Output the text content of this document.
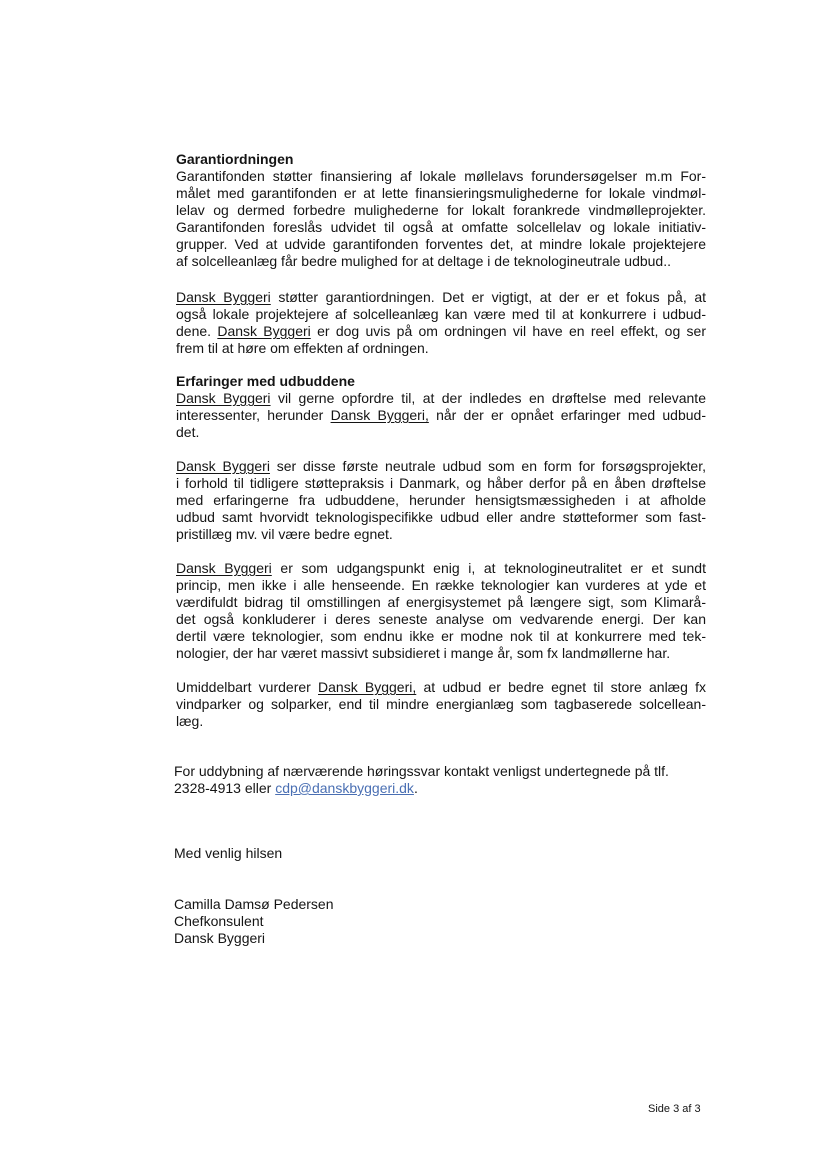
Garantiordningen

Garantifonden støtter finansiering af lokale møllelavs forundersøgelser m.m For-
målet med garantifonden er at lette finansieringsmulighederne for lokale vindmøl-
lelav og dermed forbedre mulighederne for lokalt forankrede vindmølleprojekter.
Garantifonden foreslås udvidet til også at omfatte solcellelav og lokale initiativ-
grupper. Ved at udvide garantifonden forventes det, at mindre lokale projektejere
af solcelleanlæg får bedre mulighed for at deltage i de teknologineutrale udbud..

Dansk Byggeri støtter garantiordningen. Det er vigtigt, at der er et fokus på, at
også lokale projektejere af solcelleanlæg kan være med til at konkurrere i udbud-
dene. Dansk Byggeri er dog uvis på om ordningen vil have en reel effekt, og ser
frem til at høre om effekten af ordningen.

Erfaringer med udbuddene

Dansk Byggeri vil gerne opfordre til, at der indledes en drøftelse med relevante
interessenter, herunder Dansk Byggeri, når der er opnået erfaringer med udbud-
det.

Dansk Byggeri ser disse første neutrale udbud som en form for forsøgsprojekter,
i forhold til tidligere støttepraksis i Danmark, og håber derfor på en åben drøftelse
med erfaringerne fra udbuddene, herunder hensigtsmæssigheden i at afholde
udbud samt hvorvidt teknologispecifikke udbud eller andre støtteformer som fast-
pristillæg mv. vil være bedre egnet.

Dansk Byggeri er som udgangspunkt enig i, at teknologineutralitet er et sundt
princip, men ikke i alle henseende. En række teknologier kan vurderes at yde et
værdifuldt bidrag til omstillingen af energisystemet på længere sigt, som Klimarå-
det også konkluderer i deres seneste analyse om vedvarende energi. Der kan
dertil være teknologier, som endnu ikke er modne nok til at konkurrere med tek-
nologier, der har været massivt subsidieret i mange år, som fx landmøllerne har.

Umiddelbart vurderer Dansk Byggeri, at udbud er bedre egnet til store anlæg fx
vindparker og solparker, end til mindre energianlæg som tagbaserede solcellean-
læg.

For uddybning af nærværende høringssvar kontakt venligst undertegnede på tlf.
2328-4913 eller cdp@danskbyggeri.dk.

Med venlig hilsen

Camilla Damsø Pedersen
Chefkonsulent
Dansk Byggeri
Side 3 af 3
